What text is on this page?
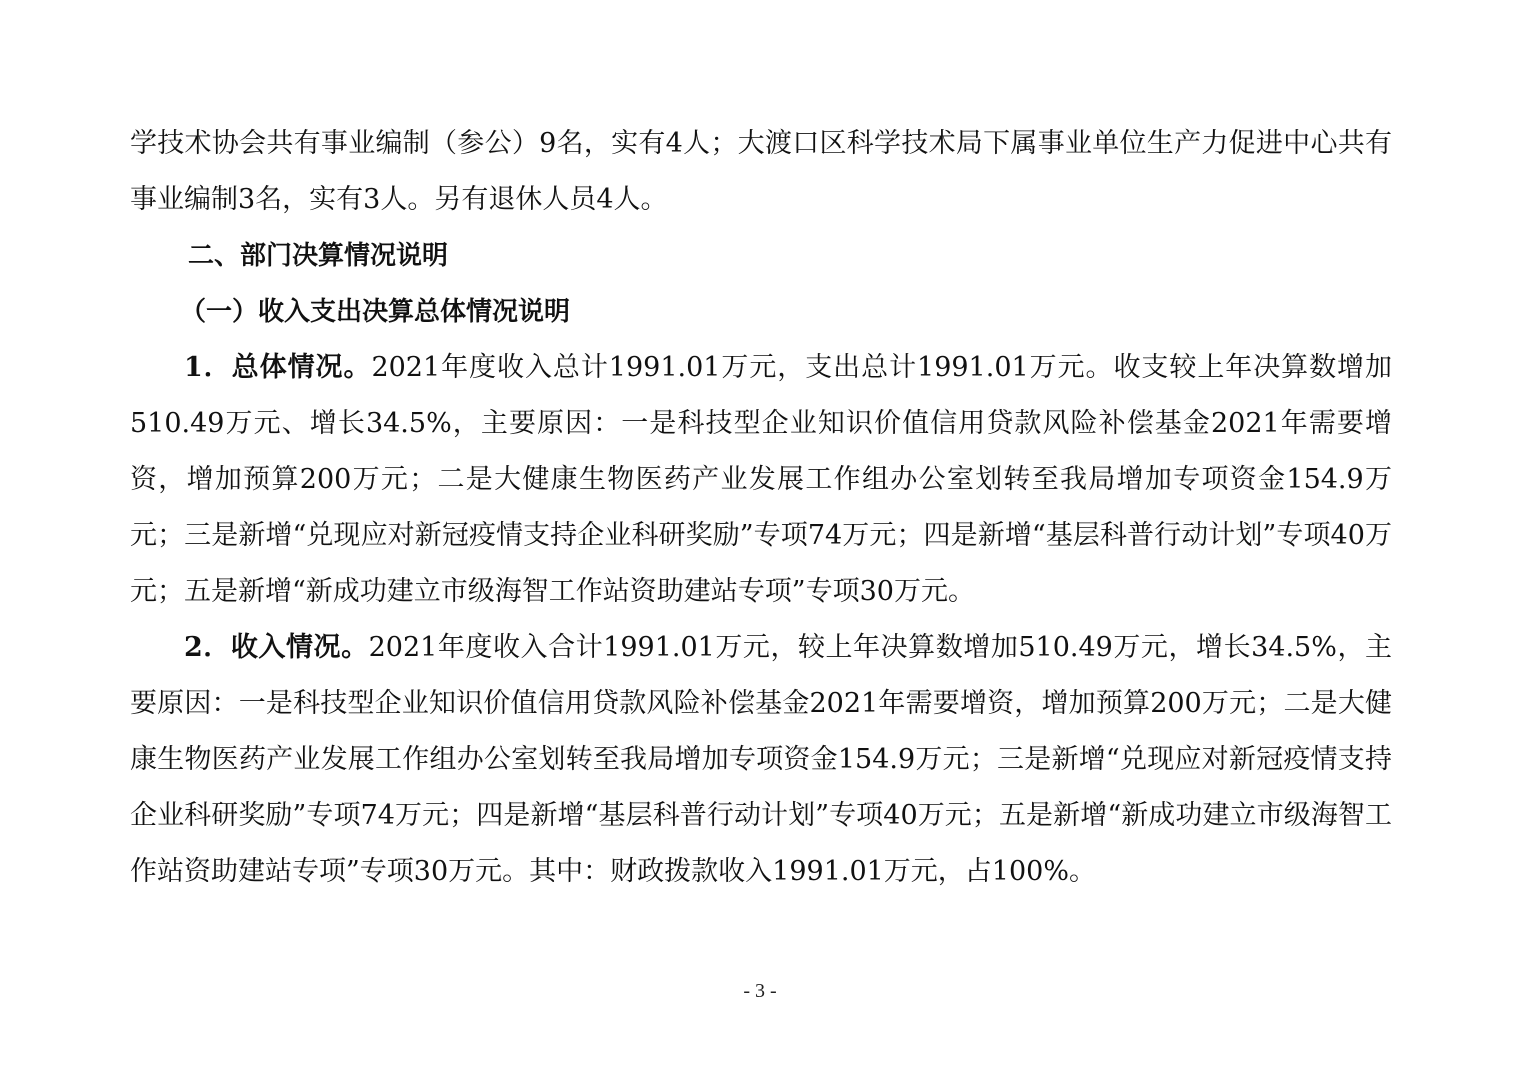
学技术协会共有事业编制（参公）9名，实有4人；大渡口区科学技术局下属事业单位生产力促进中心共有事业编制3名，实有3人。另有退休人员4人。

二、部门决算情况说明

（一）收入支出决算总体情况说明

1．总体情况。2021年度收入总计1991.01万元，支出总计1991.01万元。收支较上年决算数增加510.49万元、增长34.5%，主要原因：一是科技型企业知识价值信用贷款风险补偿基金2021年需要增资，增加预算200万元；二是大健康生物医药产业发展工作组办公室划转至我局增加专项资金154.9万元；三是新增“兑现应对新冠疫情支持企业科研奖励”专项74万元；四是新增“基层科普行动计划”专项40万元；五是新增“新成功建立市级海智工作站资助建站专项”专项30万元。

2．收入情况。2021年度收入合计1991.01万元，较上年决算数增加510.49万元，增长34.5%，主要原因：一是科技型企业知识价值信用贷款风险补偿基金2021年需要增资，增加预算200万元；二是大健康生物医药产业发展工作组办公室划转至我局增加专项资金154.9万元；三是新增“兑现应对新冠疫情支持企业科研奖励”专项74万元；四是新增“基层科普行动计划”专项40万元；五是新增“新成功建立市级海智工作站资助建站专项”专项30万元。其中：财政拨款收入1991.01万元，占100%。

- 3 -
